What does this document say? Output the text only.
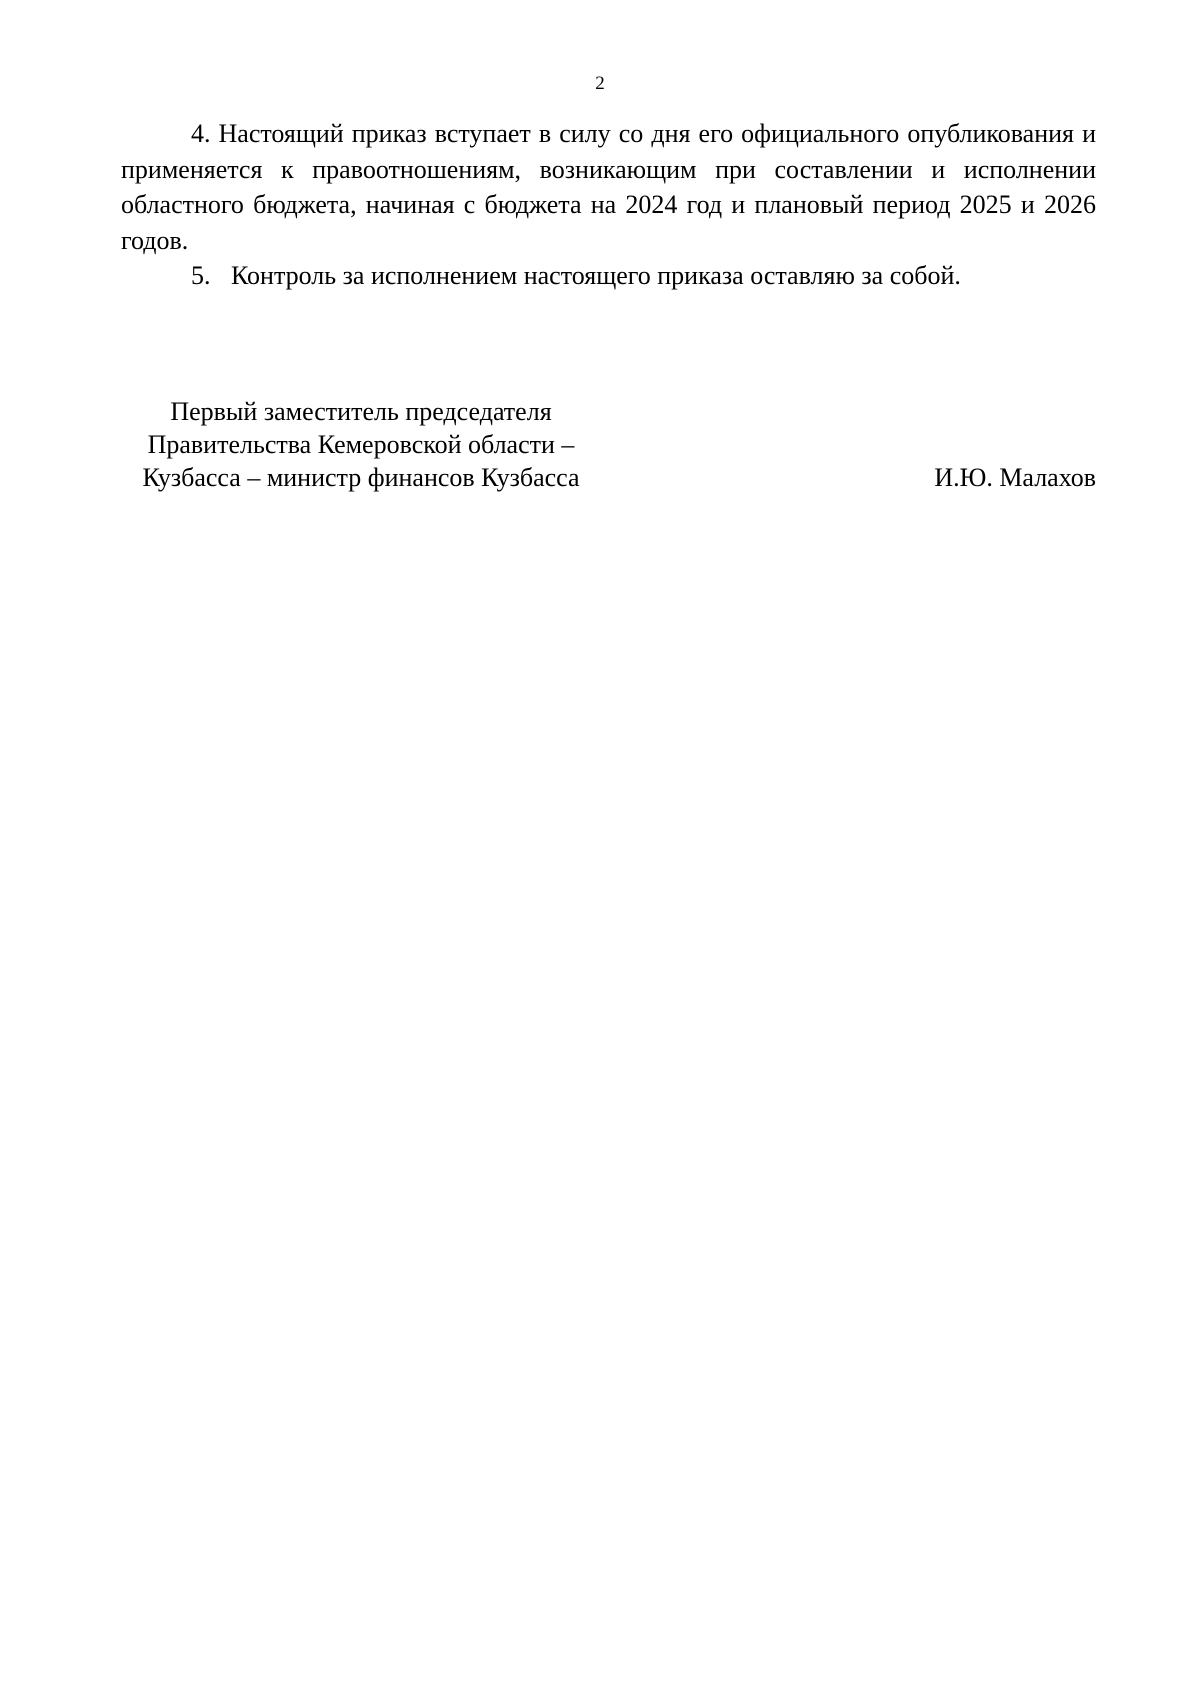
2

4. Настоящий приказ вступает в силу со дня его официального опубликования и применяется к правоотношениям, возникающим при составлении и исполнении областного бюджета, начиная с бюджета на 2024 год и плановый период 2025 и 2026 годов.

5. Контроль за исполнением настоящего приказа оставляю за собой.

Первый заместитель председателя
Правительства Кемеровской области –
Кузбасса – министр финансов Кузбасса	И.Ю. Малахов
